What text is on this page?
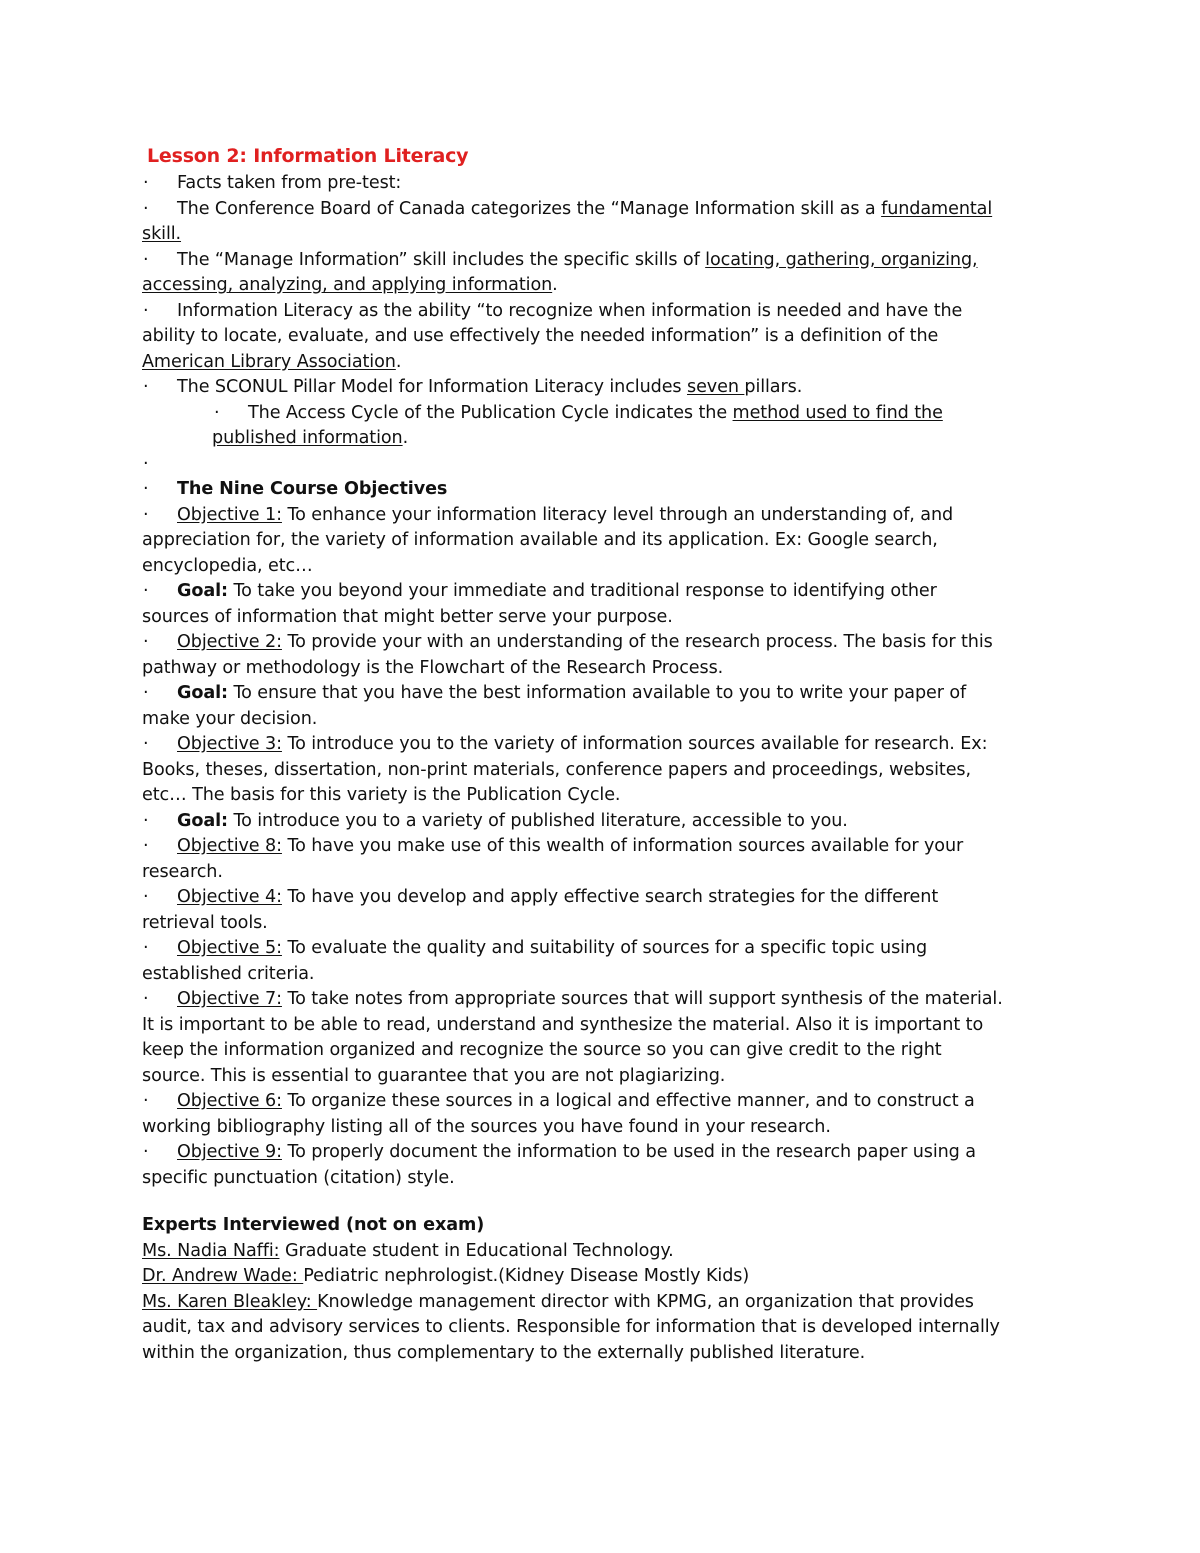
Lesson 2: Information Literacy
· Facts taken from pre-test:
· The Conference Board of Canada categorizes the “Manage Information skill as a fundamental
skill.
· The “Manage Information” skill includes the specific skills of locating, gathering, organizing,
accessing, analyzing, and applying information.
· Information Literacy as the ability “to recognize when information is needed and have the
ability to locate, evaluate, and use effectively the needed information” is a definition of the
American Library Association.
· The SCONUL Pillar Model for Information Literacy includes seven pillars.
· The Access Cycle of the Publication Cycle indicates the method used to find the
published information.
·
· The Nine Course Objectives
· Objective 1: To enhance your information literacy level through an understanding of, and
appreciation for, the variety of information available and its application. Ex: Google search,
encyclopedia, etc…
· Goal: To take you beyond your immediate and traditional response to identifying other
sources of information that might better serve your purpose.
· Objective 2: To provide your with an understanding of the research process. The basis for this
pathway or methodology is the Flowchart of the Research Process.
· Goal: To ensure that you have the best information available to you to write your paper of
make your decision.
· Objective 3: To introduce you to the variety of information sources available for research. Ex:
Books, theses, dissertation, non-print materials, conference papers and proceedings, websites,
etc… The basis for this variety is the Publication Cycle.
· Goal: To introduce you to a variety of published literature, accessible to you.
· Objective 8: To have you make use of this wealth of information sources available for your
research.
· Objective 4: To have you develop and apply effective search strategies for the different
retrieval tools.
· Objective 5: To evaluate the quality and suitability of sources for a specific topic using
established criteria.
· Objective 7: To take notes from appropriate sources that will support synthesis of the material.
It is important to be able to read, understand and synthesize the material. Also it is important to
keep the information organized and recognize the source so you can give credit to the right
source. This is essential to guarantee that you are not plagiarizing.
· Objective 6: To organize these sources in a logical and effective manner, and to construct a
working bibliography listing all of the sources you have found in your research.
· Objective 9: To properly document the information to be used in the research paper using a
specific punctuation (citation) style.
Experts Interviewed (not on exam)
Ms. Nadia Naffi: Graduate student in Educational Technology.
Dr. Andrew Wade: Pediatric nephrologist.(Kidney Disease Mostly Kids)
Ms. Karen Bleakley: Knowledge management director with KPMG, an organization that provides
audit, tax and advisory services to clients. Responsible for information that is developed internally
within the organization, thus complementary to the externally published literature.
